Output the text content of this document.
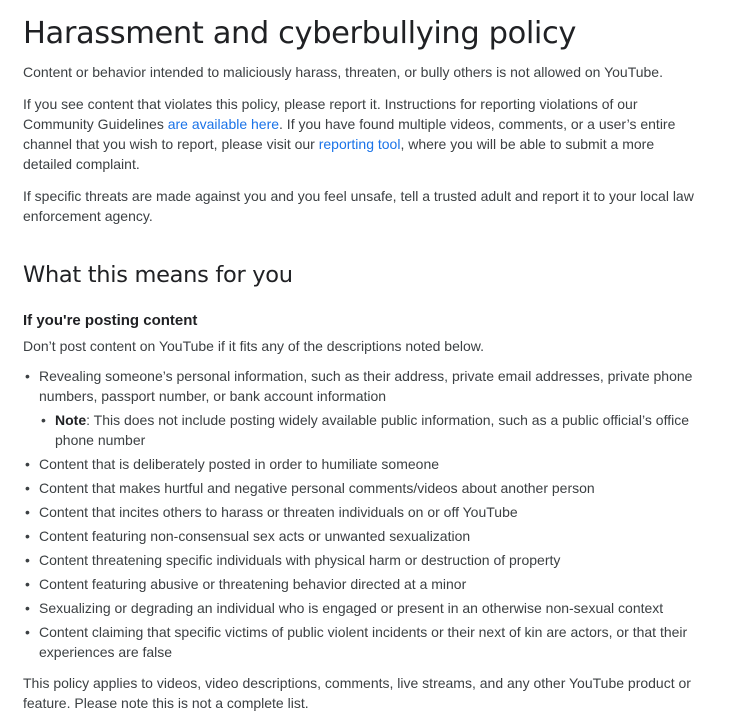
Harassment and cyberbullying policy

Content or behavior intended to maliciously harass, threaten, or bully others is not allowed on YouTube.

If you see content that violates this policy, please report it. Instructions for reporting violations of our Community Guidelines are available here. If you have found multiple videos, comments, or a user’s entire channel that you wish to report, please visit our reporting tool, where you will be able to submit a more detailed complaint.

If specific threats are made against you and you feel unsafe, tell a trusted adult and report it to your local law enforcement agency.

What this means for you
If you're posting content

Don’t post content on YouTube if it fits any of the descriptions noted below.

• Revealing someone’s personal information, such as their address, private email addresses, private phone numbers, passport number, or bank account information
• Note: This does not include posting widely available public information, such as a public official’s office phone number
• Content that is deliberately posted in order to humiliate someone
• Content that makes hurtful and negative personal comments/videos about another person
• Content that incites others to harass or threaten individuals on or off YouTube
• Content featuring non-consensual sex acts or unwanted sexualization
• Content threatening specific individuals with physical harm or destruction of property
• Content featuring abusive or threatening behavior directed at a minor
• Sexualizing or degrading an individual who is engaged or present in an otherwise non-sexual context
• Content claiming that specific victims of public violent incidents or their next of kin are actors, or that their experiences are false

This policy applies to videos, video descriptions, comments, live streams, and any other YouTube product or feature. Please note this is not a complete list.
